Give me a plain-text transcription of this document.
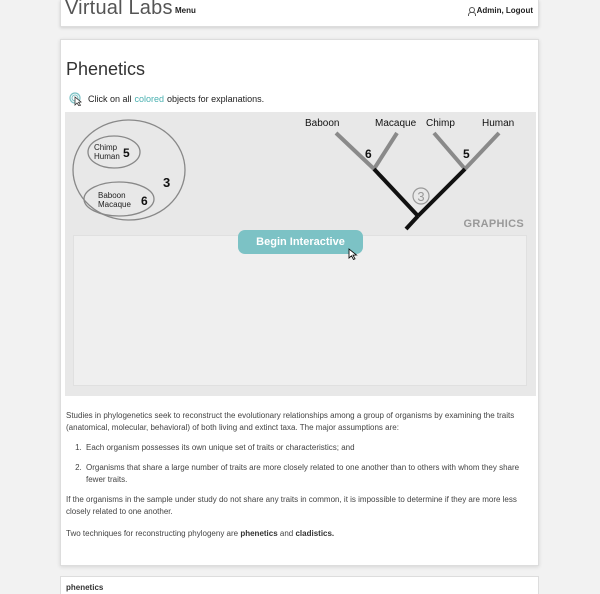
Virtual Labs Menu	Admin, Logout
Phenetics
Click on all colored objects for explanations.
Chimp
Human 5
Baboon
Macaque 6
3
Baboon	Macaque Chimp	Human
6	5
3
GRAPHICS
Begin Interactive

Studies in phylogenetics seek to reconstruct the evolutionary relationships among a group of organisms by examining the traits (anatomical, molecular, behavioral) of both living and extinct taxa. The major assumptions are:

1. Each organism possesses its own unique set of traits or characteristics; and
2. Organisms that share a large number of traits are more closely related to one another than to others with whom they share fewer traits.

If the organisms in the sample under study do not share any traits in common, it is impossible to determine if they are more less closely related to one another.

Two techniques for reconstructing phylogeny are phenetics and cladistics.

phenetics
